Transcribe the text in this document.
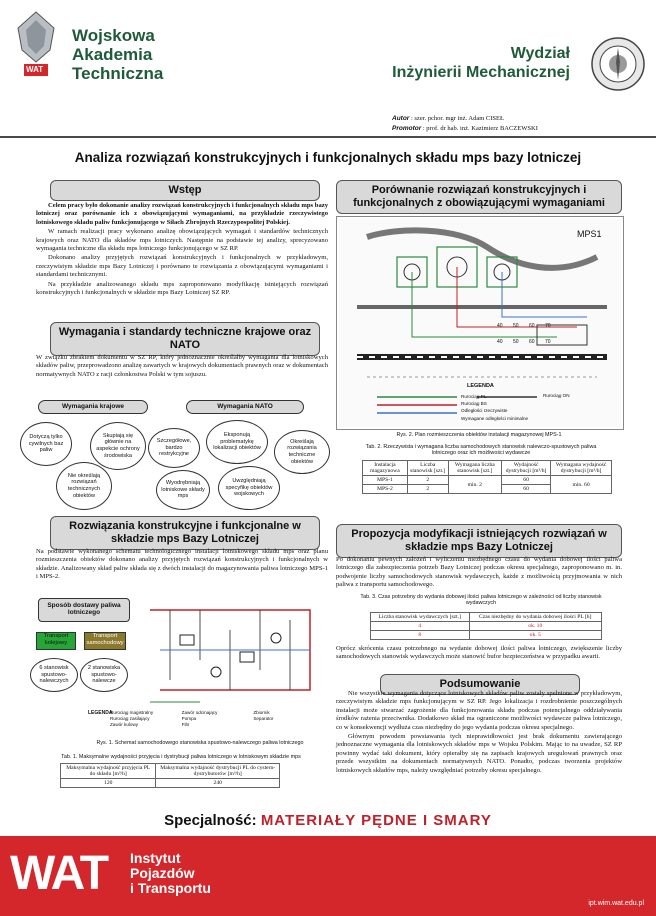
WAT
Wojskowa
Akademia
Techniczna
Wydział
Inżynierii Mechanicznej
Autor : szer. pchor. mgr inż. Adam CISEŁ
Promotor : prof. dr hab. inż. Kazimierz BACZEWSKI
Analiza rozwiązań konstrukcyjnych i funkcjonalnych składu mps bazy lotniczej
Wstęp

Celem pracy było dokonanie analizy rozwiązań konstrukcyjnych i funkcjonalnych składu mps bazy lotniczej oraz porównanie ich z obowiązującymi wymaganiami, na przykładzie rzeczywistego lotniskowego składu paliw funkcjonującego w Siłach Zbrojnych Rzeczypospolitej Polskiej.

W ramach realizacji pracy wykonano analizę obowiązujących wymagań i standardów technicznych krajowych oraz NATO dla składów mps lotniczych. Następnie na podstawie tej analizy, sprecyzowano wymagania techniczne dla składu mps lotniczego funkcjonującego w SZ RP.

Dokonano analizy przyjętych rozwiązań konstrukcyjnych i funkcjonalnych w przykładowym, rzeczywistym składzie mps Bazy Lotniczej i porównano te rozwiązania z obowiązującymi wymaganiami i standardami technicznymi.

Na przykładzie analizowanego składu mps zaproponowano modyfikację istniejących rozwiązań konstrukcyjnych i funkcjonalnych w składzie mps Bazy Lotniczej SZ RP.

Wymagania i standardy techniczne krajowe oraz NATO
W związku zbrakiem dokumentu w SZ RP, który jednoznacznie określałby wymagania dla lotniskowych składów paliw, przeprowadzono analizę zawartych w krajowych dokumentach prawnych oraz w dokumentach normatywnych NATO z racji członkostwa Polski w tym sojuszu.
Wymagania krajowe	Wymagania NATO
Dotyczą tylko cywilnych baz paliw
Nie określają rozwiązań technicznych obiektów
Skupiają się głównie na aspekcie ochrony środowiska
Szczegółowe, bardzo restrykcyjne
Wyodrębniają lotniskowe składy mps
Eksponują problematykę lokalizacji obiektów
Uwzględniają specyfikę obiektów wojskowych
Określają rozwiązania techniczne obiektów
Rozwiązania konstrukcyjne i funkcjonalne w składzie mps Bazy Lotniczej
Na podstawie wykonanego schematu technologicznego instalacji lotniskowego składu mps oraz planu rozmieszczenia obiektów dokonano analizy przyjętych rozwiązań konstrukcyjnych i funkcjonalnych w składzie. Analizowany skład paliw składa się z dwóch instalacji do magazynowania paliwa lotniczego MPS-1 i MPS-2.
Sposób dostawy paliwa lotniczego
Transport kolejowy
Transport samochodowy
6 stanowisk spustowo-nalewczych
2 stanowiska spustowo-nalewcze
LEGENDA
Rurociąg magistralny
Rurociąg zasilający
Zawór kulowy
Zawór odcinający
Pompa
Filtr
Zbiornik
Separator
Rys. 1. Schemat samochodowego stanowiska spustowo-nalewczego paliwa lotniczego
Tab. 1. Maksymalne wydajności przyjęcia i dystrybucji paliwa lotniczego w lotniskowym składzie mps
Maksymalna wydajność przyjęcia PL do składu [m³/h]	Maksymalna wydajność dystrybucji PL do cystern-dystrybutorów [m³/h]
120	240
Porównanie rozwiązań konstrukcyjnych i funkcjonalnych z obowiązującymi wymaganiami
MPS1
40 50 60 70
40 50 60 70
LEGENDA
Rurociąg PL
Rurociąg BS
Odległości rzeczywiste
Wymagane odległości minimalne
Rurociąg ON
Rys. 2. Plan rozmieszczenia obiektów instalacji magazynowej MPS-1
Tab. 2. Rzeczywista i wymagana liczba samochodowych stanowisk nalewczo-spustowych paliwa lotniczego oraz ich możliwości wydawcze
Instalacja magazynowa	Liczba stanowisk [szt.]	Wymagana liczba stanowisk [szt.]	Wydajność dystrybucji [m³/h]	Wymagana wydajność dystrybucji [m³/h]
MPS-1	2	min. 2	60	min. 60
MPS-2	2		60	
Propozycja modyfikacji istniejących rozwiązań w składzie mps Bazy Lotniczej
Po dokonaniu pewnych założeń i wyliczeniu niezbędnego czasu do wydania dobowej ilości paliwa lotniczego dla zabezpieczenia potrzeb Bazy Lotniczej podczas okresu specjalnego, zaproponowano m. in. podwojenie liczby samochodowych stanowisk wydawczych, każde z możliwością przyjmowania w nich paliwa z transportu samochodowego.
Tab. 3. Czas potrzebny do wydania dobowej ilości paliwa lotniczego w zależności od liczby stanowisk wydawczych
Liczba stanowisk wydawczych [szt.]	Czas niezbędny do wydania dobowej ilości PL [h]
4	ok. 10
8	ok. 5
Oprócz skrócenia czasu potrzebnego na wydanie dobowej ilości paliwa lotniczego, zwiększenie liczby samochodowych stanowisk wydawczych może stanowić bufor bezpieczeństwa w przypadku awarii.
Podsumowanie

Nie wszystkie wymagania dotyczące lotniskowych składów paliw zostały spełnione w przykładowym, rzeczywistym składzie mps funkcjonującym w SZ RP. Jego lokalizacja i rozdrobnienie poszczególnych instalacji może stwarzać zagrożenie dla funkcjonowania składu podczas potencjalnego oddziaływania środków rażenia przeciwnika. Dodatkowo skład ma ograniczone możliwości wydawcze paliwa lotniczego, co w konsekwencji wydłuża czas niezbędny do jego wydania podczas okresu specjalnego.

Głównym powodem powstawania tych nieprawidłowości jest brak dokumentu zawierającego jednoznaczne wymagania dla lotniskowych składów mps w Wojsku Polskim. Mając to na uwadze, SZ RP powinny wydać taki dokument, który opierałby się na zapisach krajowych uregulowań prawnych oraz przede wszystkim na dokumentach normatywnych NATO. Ponadto, podczas tworzenia projektów lotniskowych składów mps, należy uwzględniać potrzeby okresu specjalnego.

Specjalność: MATERIAŁY PĘDNE I SMARY
WAT Instytut
Pojazdów
i Transportu
ipt.wim.wat.edu.pl
